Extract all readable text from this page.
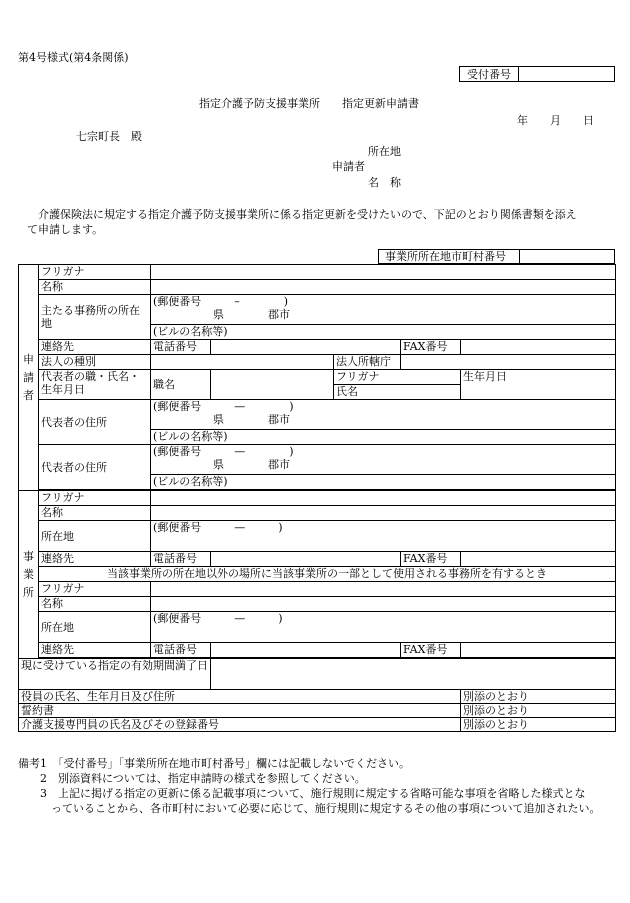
第4号様式(第4条関係)
受付番号
指定介護予防支援事業所　　指定更新申請書
年　　月　　日
七宗町長　殿
所在地
申請者
名　称
介護保険法に規定する指定介護予防支援事業所に係る指定更新を受けたいので、下記のとおり関係書類を添え
て申請します。
事業所所在地市町村番号
申請者	フリガナ					
	名称					
	主たる事務所の所在地	(郵便番号　　　–　　　　)
県　　　　郡市				

		(ビルの名称等)				
	連絡先	電話番号			FAX番号	
	法人の種別			法人所轄庁		
	代表者の職・氏名・生年月日	職名		フリガナ		生年月日
				氏名		
	代表者の住所	(郵便番号　　　—　　　　)
県　　　　郡市				

		(ビルの名称等)				
	代表者の住所	(郵便番号　　　—　　　　)
県　　　　郡市				

		(ビルの名称等)				

事業所	フリガナ					
	名称					
	所在地	(郵便番号　　　—　　　)				
	連絡先	電話番号			FAX番号	
	当該事業所の所在地以外の場所に当該事業所の一部として使用される事務所を有するとき					
	フリガナ					
	名称					
	所在地	(郵便番号　　　—　　　)				
	連絡先	電話番号			FAX番号	

現に受けている指定の有効期間満了日						
役員の氏名、生年月日及び住所						別添のとおり
誓約書						別添のとおり
介護支援専門員の氏名及びその登録番号						別添のとおり
備考1　「受付番号」「事業所所在地市町村番号」欄には記載しないでください。
　　2　別添資料については、指定申請時の様式を参照してください。
　　3　上記に掲げる指定の更新に係る記載事項について、施行規則に規定する省略可能な事項を省略した様式とな
　　　っていることから、各市町村において必要に応じて、施行規則に規定するその他の事項について追加されたい。
